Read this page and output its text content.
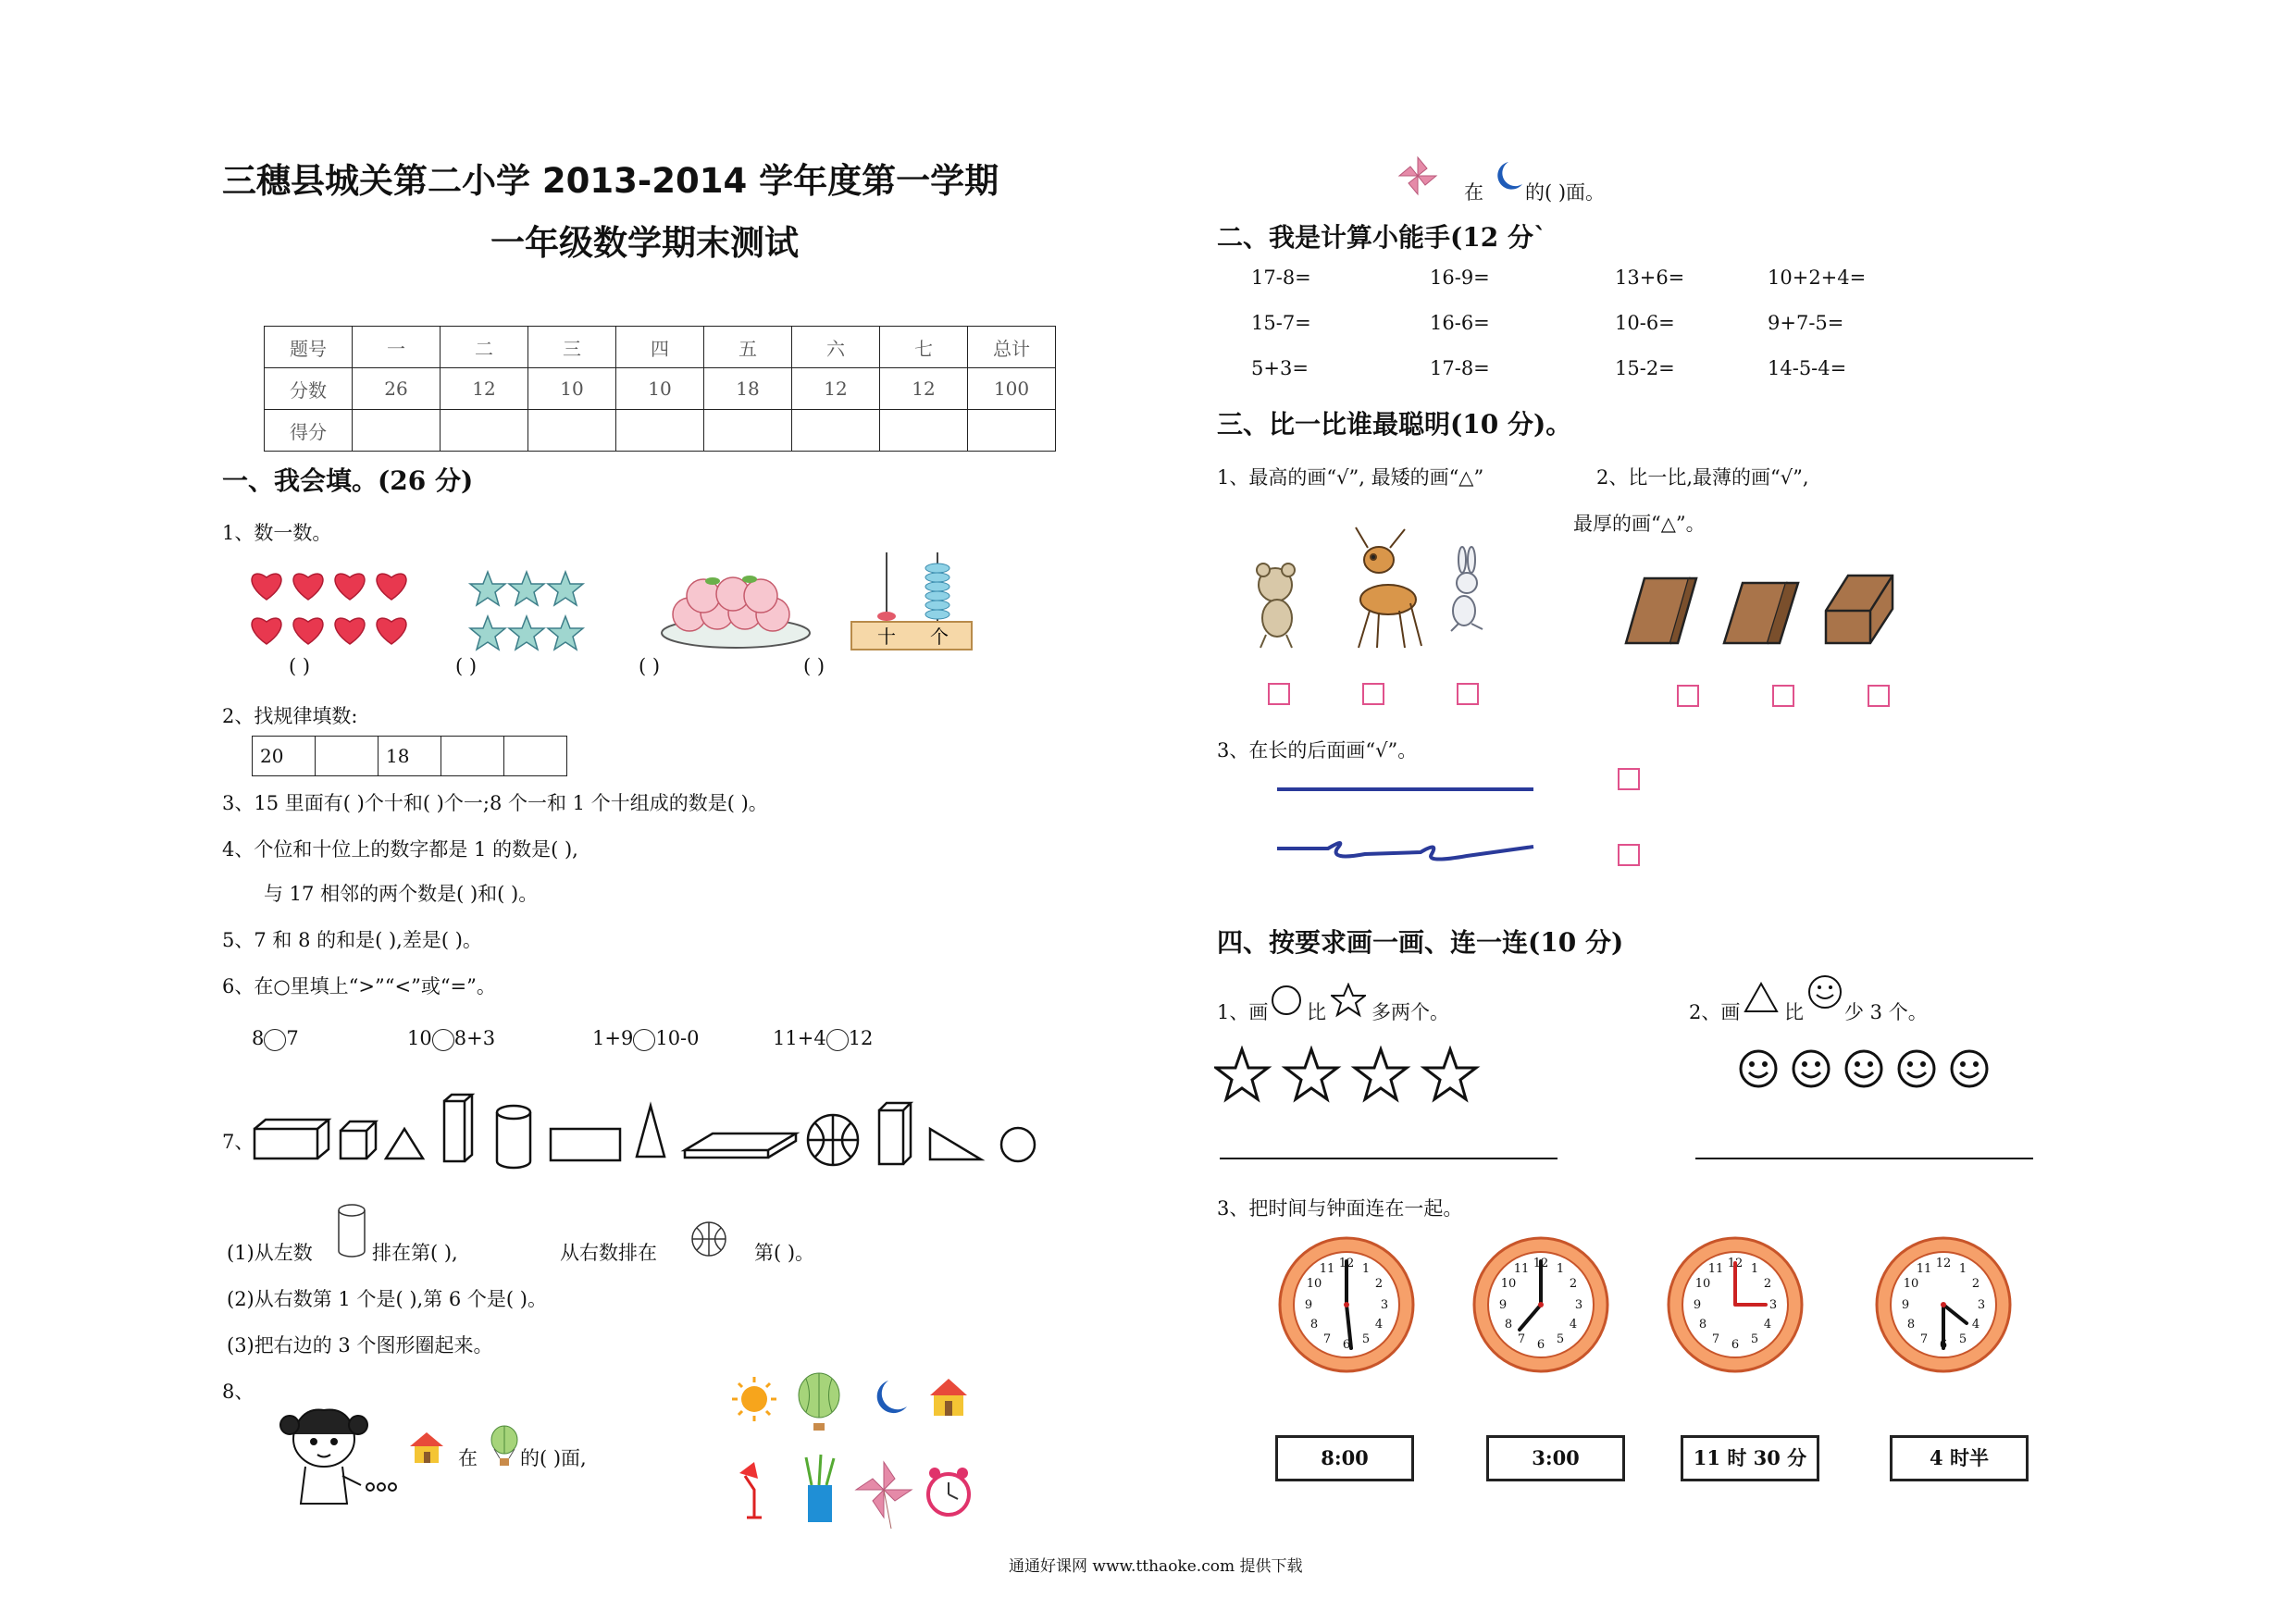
三穗县城关第二小学 2013-2014 学年度第一学期
一年级数学期末测试
题号	一	二	三	四	五	六	七	总计
分数	26	12	10	10	18	12	12	100
得分								
一、我会填。(26 分)
1、数一数。
十 个
( )	( )	( )	( )
2、找规律填数:
20		18		
3、15 里面有( )个十和( )个一;8 个一和 1 个十组成的数是( )。
4、个位和十位上的数字都是 1 的数是( ),
与 17 相邻的两个数是( )和( )。
5、7 和 8 的和是( ),差是( )。
6、在○里填上“>”“<”或“=”。
8 7	10 8+3	1+9 10-0	11+4 12
7、
(1)从左数	排在第( ),	从右数排在	第( )。
(2)从右数第 1 个是( ),第 6 个是( )。
(3)把右边的 3 个图形圈起来。
8、
在 的( )面,
在 的( )面。
二、我是计算小能手(12 分`
17-8=	16-9=	13+6=	10+2+4=
15-7=	16-6=	10-6=	9+7-5=
5+3=	17-8=	15-2=	14-5-4=
三、比一比谁最聪明(10 分)。
1、最高的画“√”, 最矮的画“△”	2、比一比,最薄的画“√”,
最厚的画“△”。
3、在长的后面画“√”。
四、按要求画一画、连一连(10 分)
1、画 比 多两个。	2、画 比 少 3 个。
3、把时间与钟面连在一起。
8:00	3:00	11 时 30 分	4 时半
通通好课网 www.tthaoke.com 提供下载
